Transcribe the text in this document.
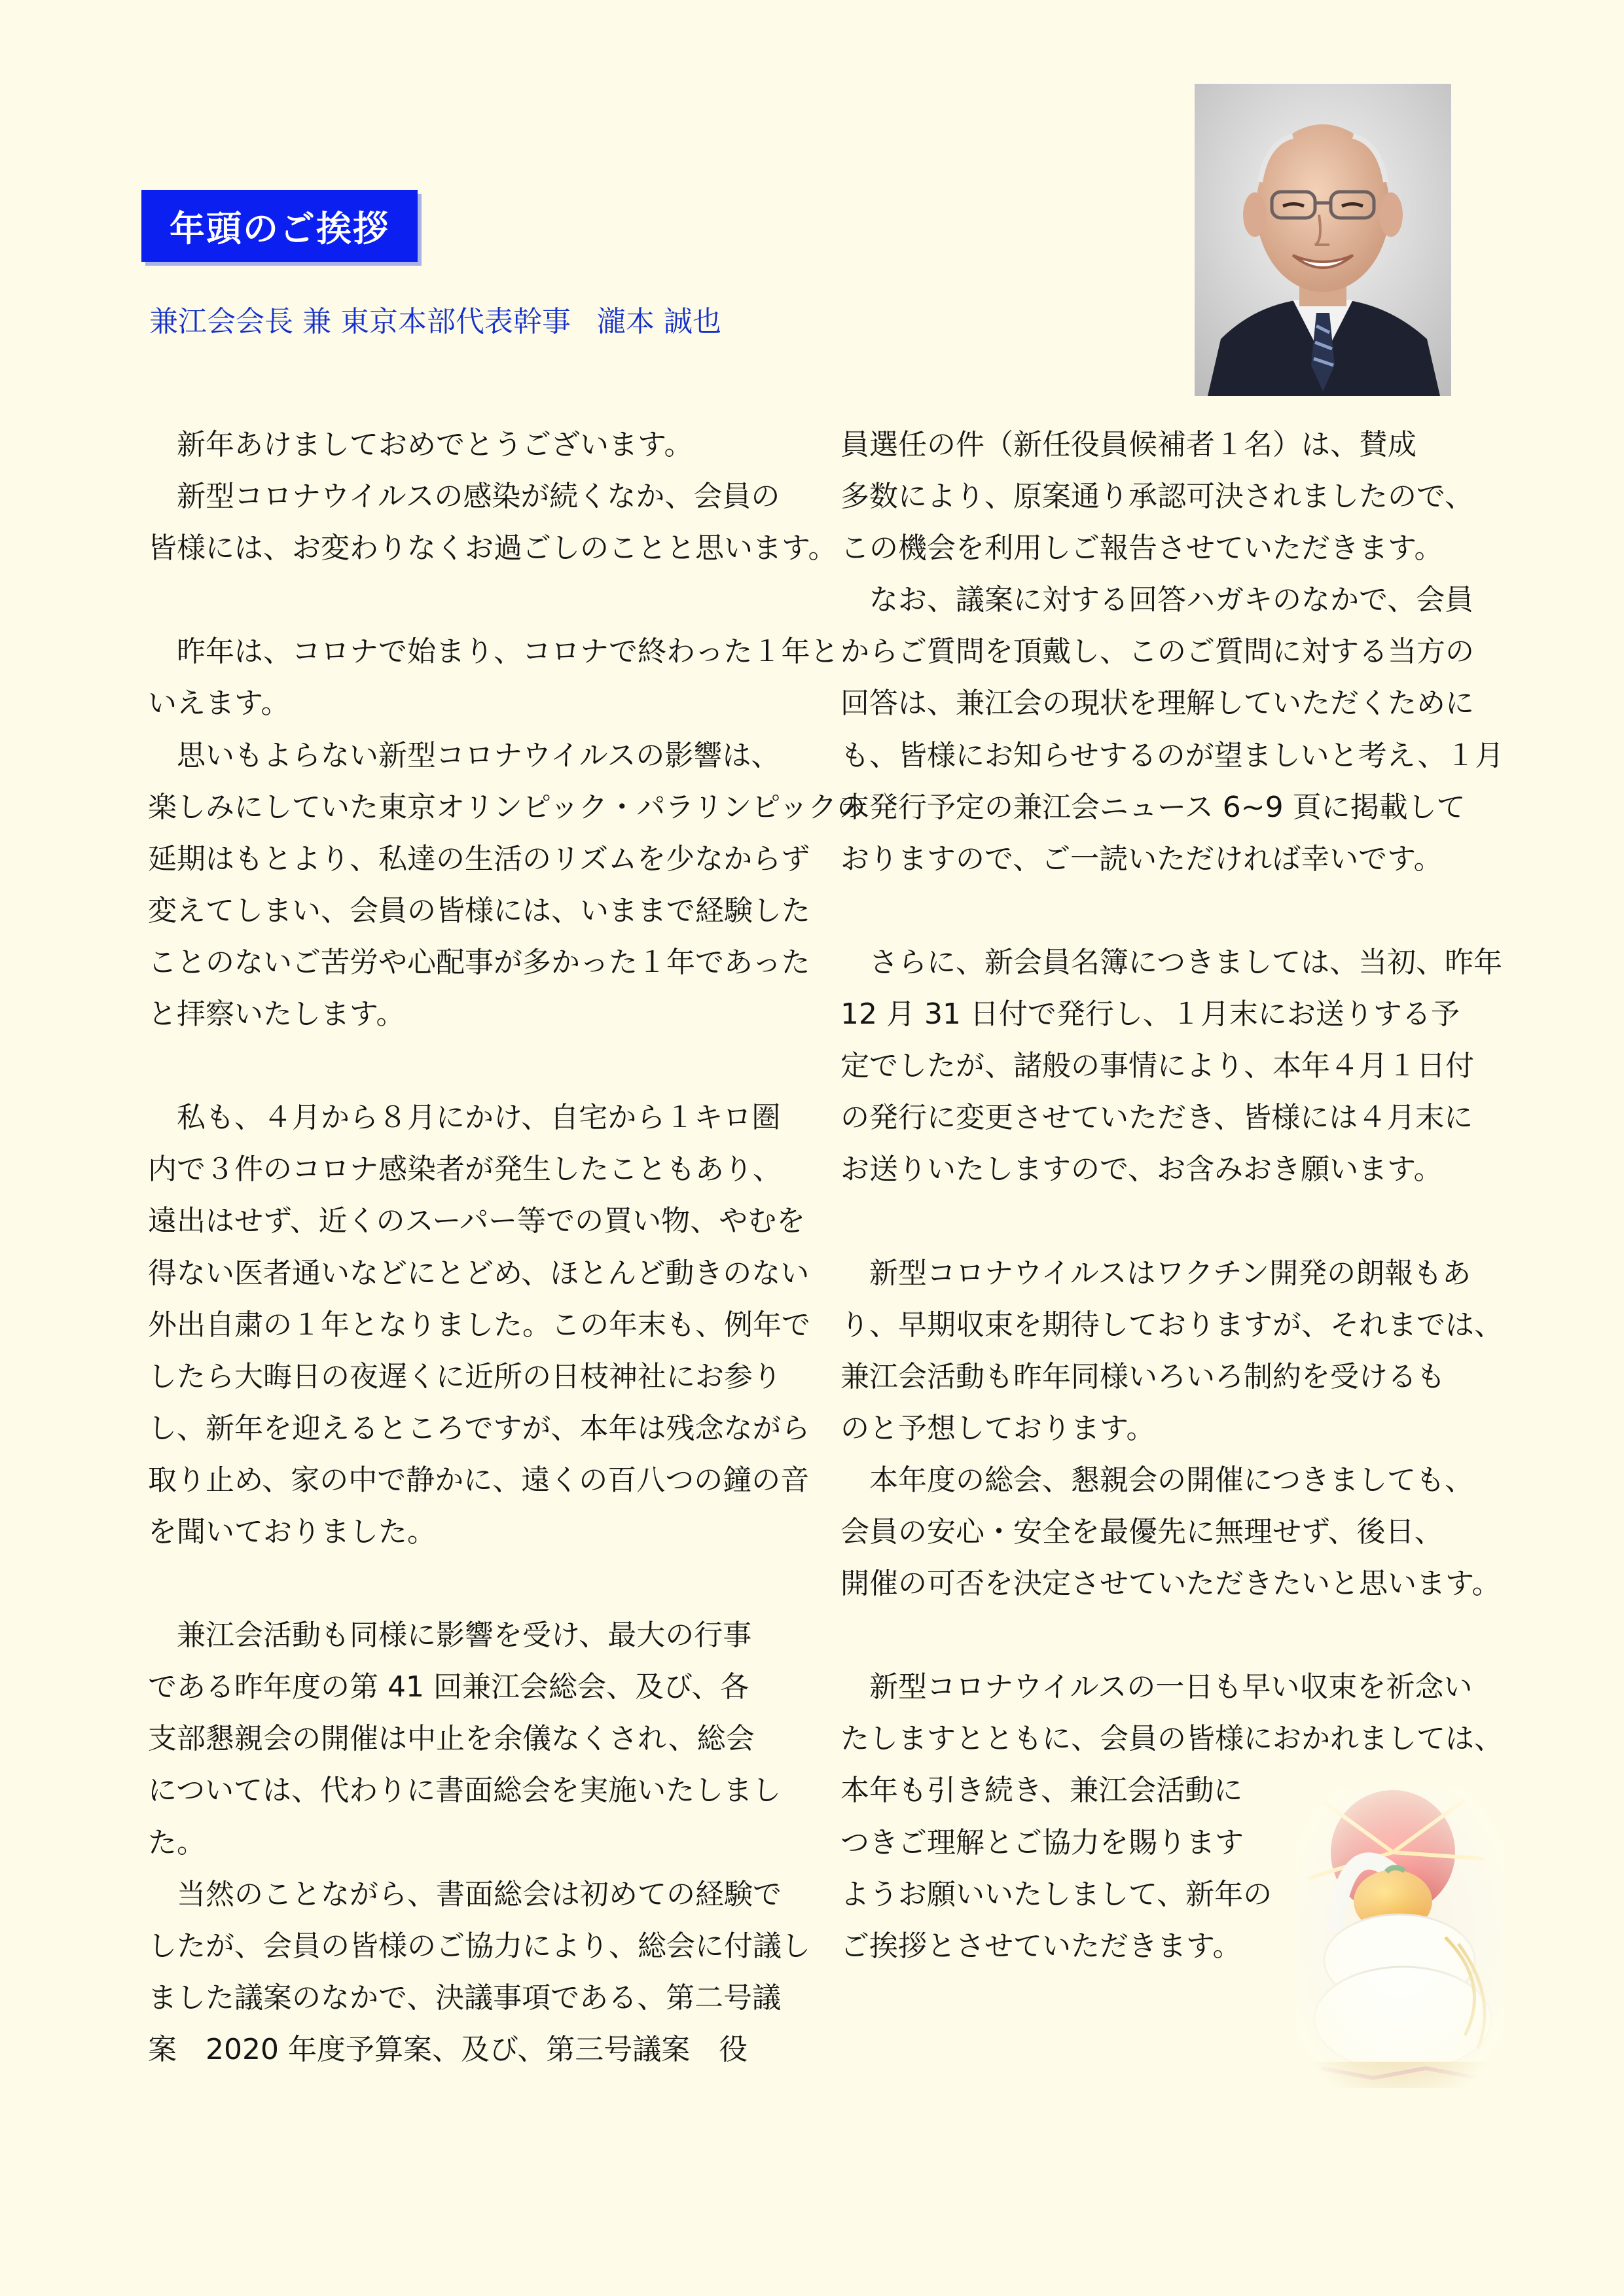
年頭のご挨拶
兼江会会長 兼 東京本部代表幹事 瀧本 誠也
　新年あけましておめでとうございます。
　新型コロナウイルスの感染が続くなか、会員の
皆様には、お変わりなくお過ごしのことと思います。
　昨年は、コロナで始まり、コロナで終わった１年と
いえます。
　思いもよらない新型コロナウイルスの影響は、
楽しみにしていた東京オリンピック・パラリンピックの
延期はもとより、私達の生活のリズムを少なからず
変えてしまい、会員の皆様には、いままで経験した
ことのないご苦労や心配事が多かった１年であった
と拝察いたします。
　私も、４月から８月にかけ、自宅から１キロ圏
内で３件のコロナ感染者が発生したこともあり、
遠出はせず、近くのスーパー等での買い物、やむを
得ない医者通いなどにとどめ、ほとんど動きのない
外出自粛の１年となりました。この年末も、例年で
したら大晦日の夜遅くに近所の日枝神社にお参り
し、新年を迎えるところですが、本年は残念ながら
取り止め、家の中で静かに、遠くの百八つの鐘の音
を聞いておりました。
　兼江会活動も同様に影響を受け、最大の行事
である昨年度の第 41 回兼江会総会、及び、各
支部懇親会の開催は中止を余儀なくされ、総会
については、代わりに書面総会を実施いたしまし
た。
　当然のことながら、書面総会は初めての経験で
したが、会員の皆様のご協力により、総会に付議し
ました議案のなかで、決議事項である、第二号議
案　2020 年度予算案、及び、第三号議案　役
員選任の件（新任役員候補者１名）は、賛成
多数により、原案通り承認可決されましたので、
この機会を利用しご報告させていただきます。
　なお、議案に対する回答ハガキのなかで、会員
からご質問を頂戴し、このご質問に対する当方の
回答は、兼江会の現状を理解していただくために
も、皆様にお知らせするのが望ましいと考え、１月
末発行予定の兼江会ニュース 6~9 頁に掲載して
おりますので、ご一読いただければ幸いです。
　さらに、新会員名簿につきましては、当初、昨年
12 月 31 日付で発行し、１月末にお送りする予
定でしたが、諸般の事情により、本年４月１日付
の発行に変更させていただき、皆様には４月末に
お送りいたしますので、お含みおき願います。
　新型コロナウイルスはワクチン開発の朗報もあ
り、早期収束を期待しておりますが、それまでは、
兼江会活動も昨年同様いろいろ制約を受けるも
のと予想しております。
　本年度の総会、懇親会の開催につきましても、
会員の安心・安全を最優先に無理せず、後日、
開催の可否を決定させていただきたいと思います。
　新型コロナウイルスの一日も早い収束を祈念い
たしますとともに、会員の皆様におかれましては、
本年も引き続き、兼江会活動に
つきご理解とご協力を賜ります
ようお願いいたしまして、新年の
ご挨拶とさせていただきます。
